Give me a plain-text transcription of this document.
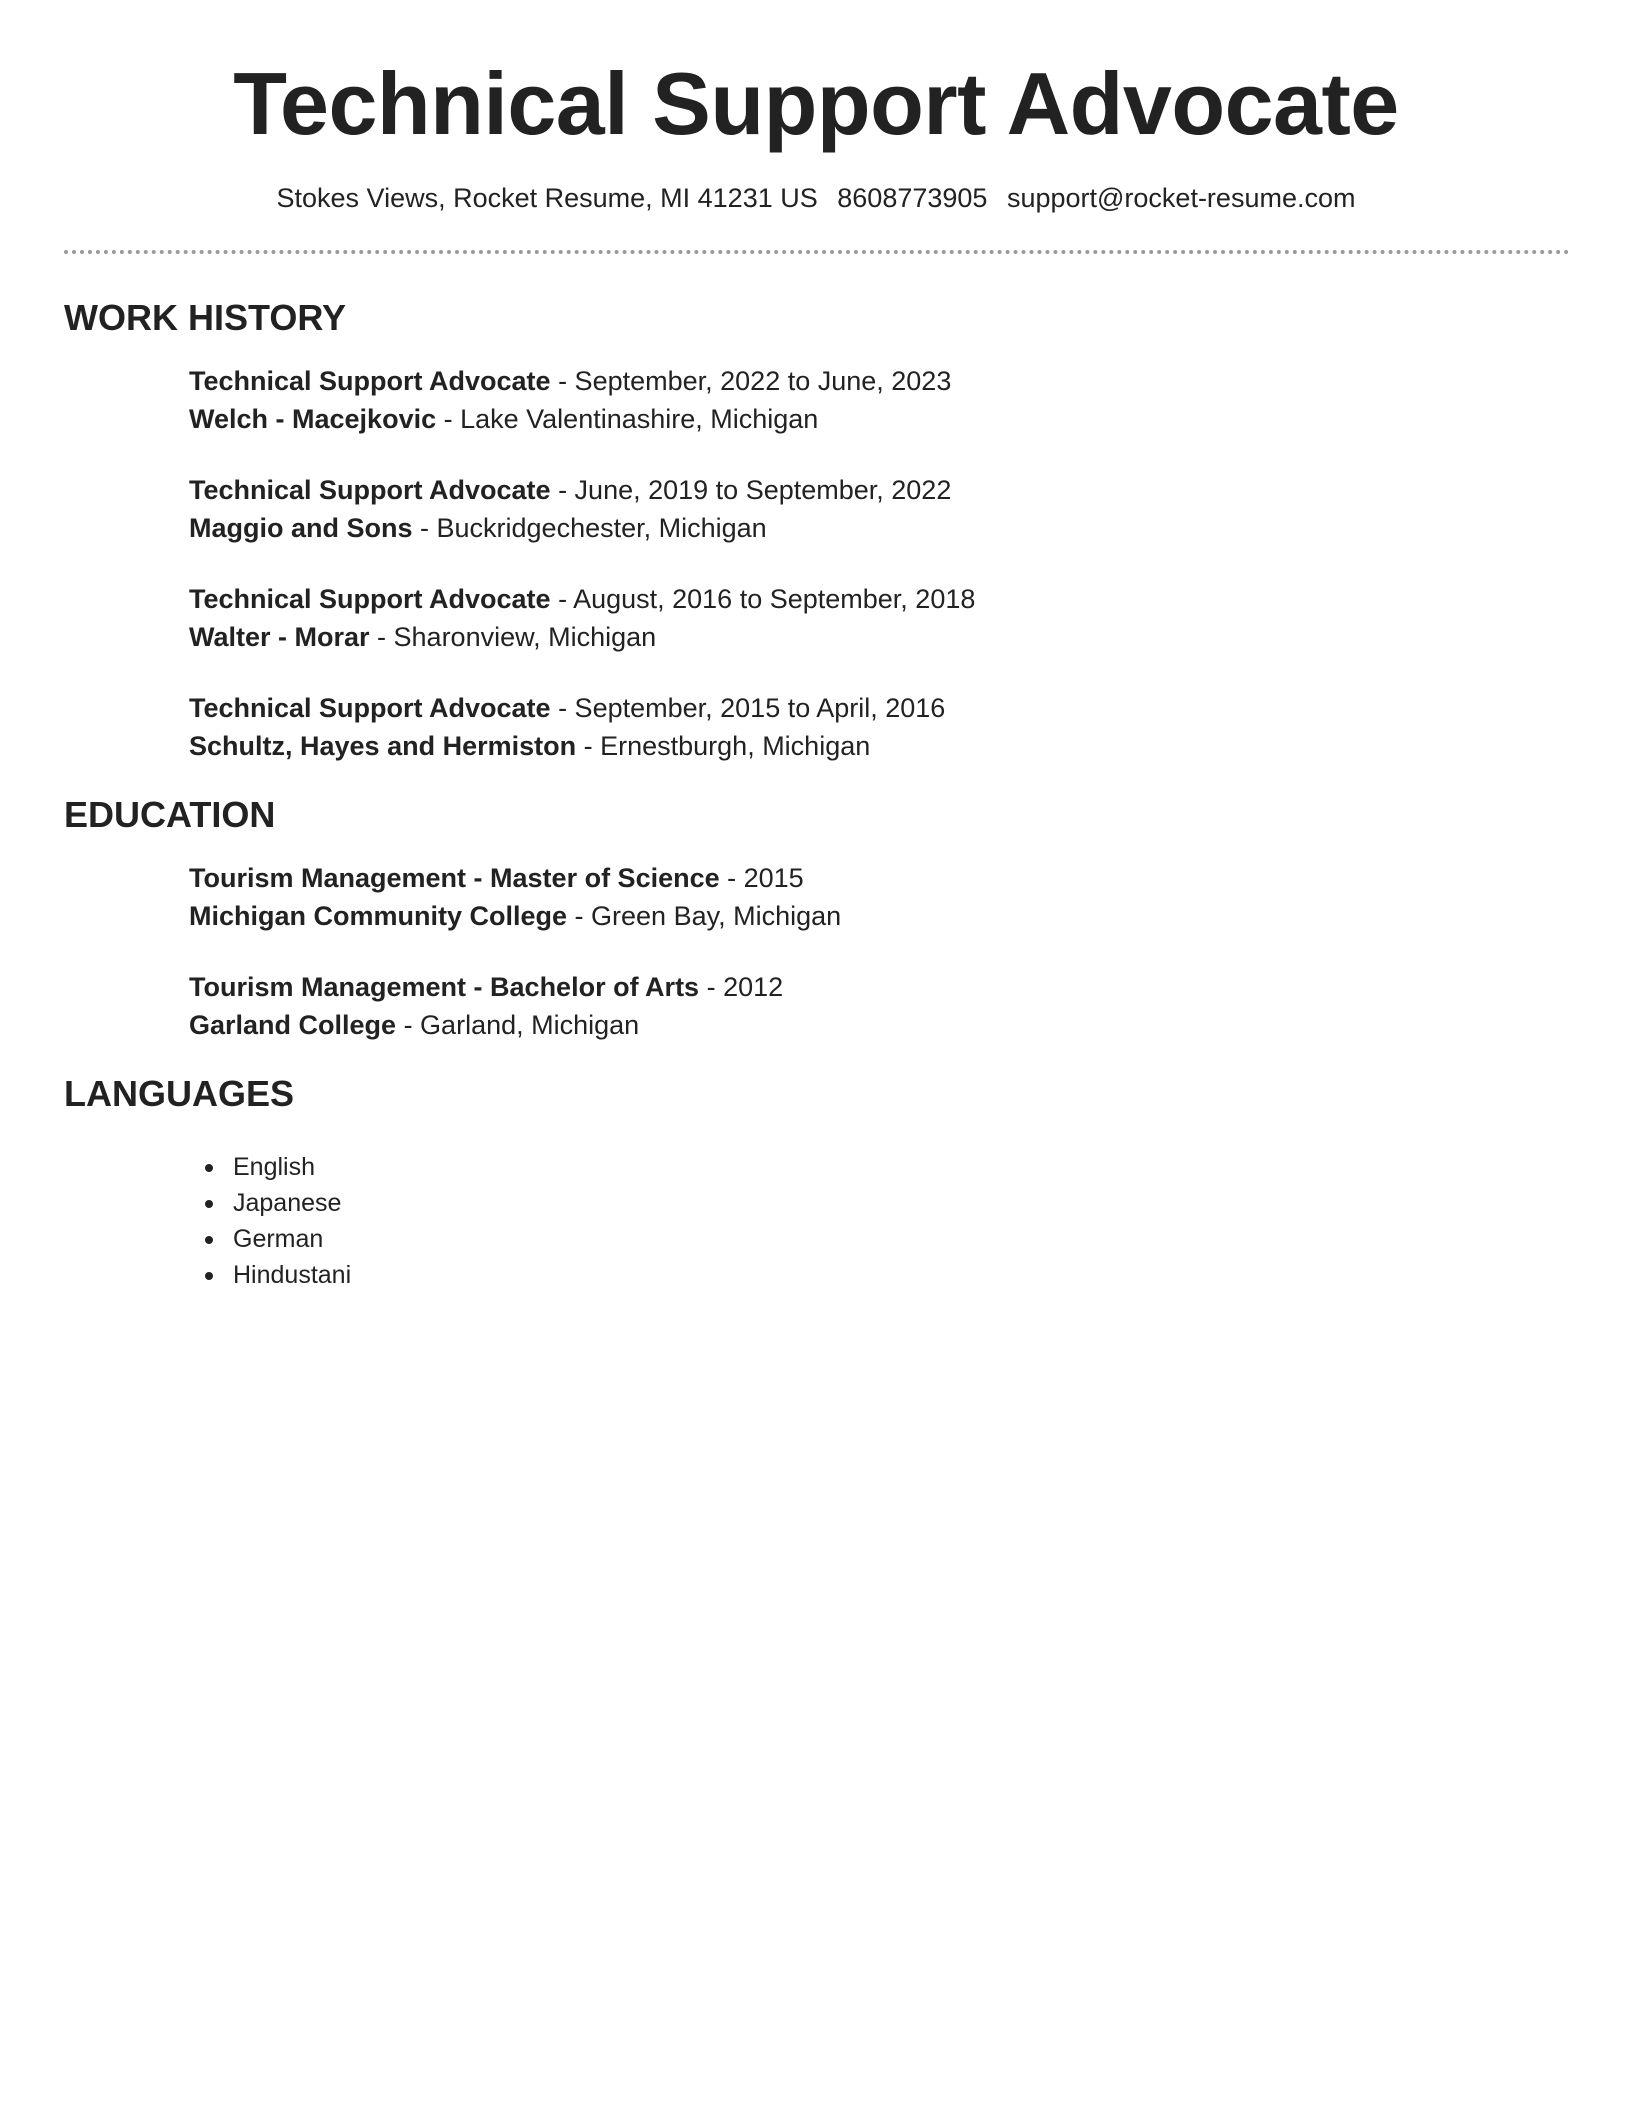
Technical Support Advocate
Stokes Views, Rocket Resume, MI 41231 US 8608773905 support@rocket-resume.com
WORK HISTORY
Technical Support Advocate - September, 2022 to June, 2023
Welch - Macejkovic - Lake Valentinashire, Michigan
Technical Support Advocate - June, 2019 to September, 2022
Maggio and Sons - Buckridgechester, Michigan
Technical Support Advocate - August, 2016 to September, 2018
Walter - Morar - Sharonview, Michigan
Technical Support Advocate - September, 2015 to April, 2016
Schultz, Hayes and Hermiston - Ernestburgh, Michigan
EDUCATION
Tourism Management - Master of Science - 2015
Michigan Community College - Green Bay, Michigan
Tourism Management - Bachelor of Arts - 2012
Garland College - Garland, Michigan
LANGUAGES
English
Japanese
German
Hindustani
